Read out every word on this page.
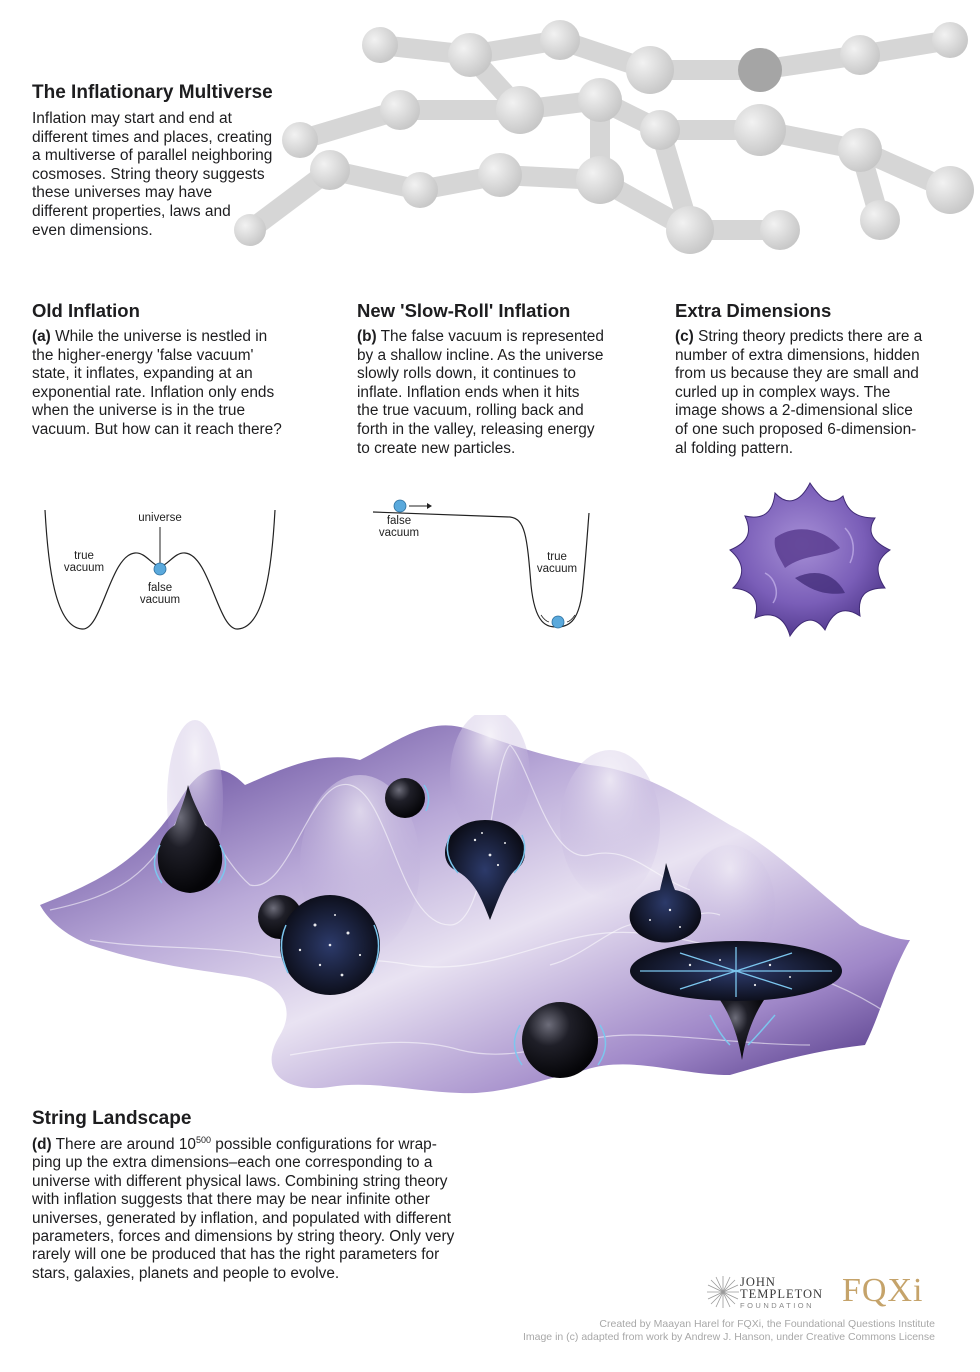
The Inflationary Multiverse
Inflation may start and end at
different times and places, creating
a multiverse of parallel neighboring
cosmoses. String theory suggests
these universes may have
different properties, laws and
even dimensions.
Old Inflation	New 'Slow-Roll' Inflation	Extra Dimensions
(a) While the universe is nestled in
the higher-energy 'false vacuum'
state, it inflates, expanding at an
exponential rate. Inflation only ends
when the universe is in the true
vacuum. But how can it reach there?
(b) The false vacuum is represented
by a shallow incline. As the universe
slowly rolls down, it continues to
inflate. Inflation ends when it hits
the true vacuum, rolling back and
forth in the valley, releasing energy
to create new particles.
(c) String theory predicts there are a
number of extra dimensions, hidden
from us because they are small and
curled up in complex ways. The
image shows a 2-dimensional slice
of one such proposed 6-dimension-
al folding pattern.
universe
true
vacuum
false
vacuum
false
vacuum
true
vacuum
String Landscape
(d) There are around $10^{500}$ possible configurations for wrap-
ping up the extra dimensions–each one corresponding to a
universe with different physical laws. Combining string theory
with inflation suggests that there may be near infinite other
universes, generated by inflation, and populated with different
parameters, forces and dimensions by string theory. Only very
rarely will one be produced that has the right parameters for
stars, galaxies, planets and people to evolve.
JOHN
TEMPLETON
FOUNDATION FQXi
Created by Maayan Harel for FQXi, the Foundational Questions Institute
Image in (c) adapted from work by Andrew J. Hanson, under Creative Commons License
